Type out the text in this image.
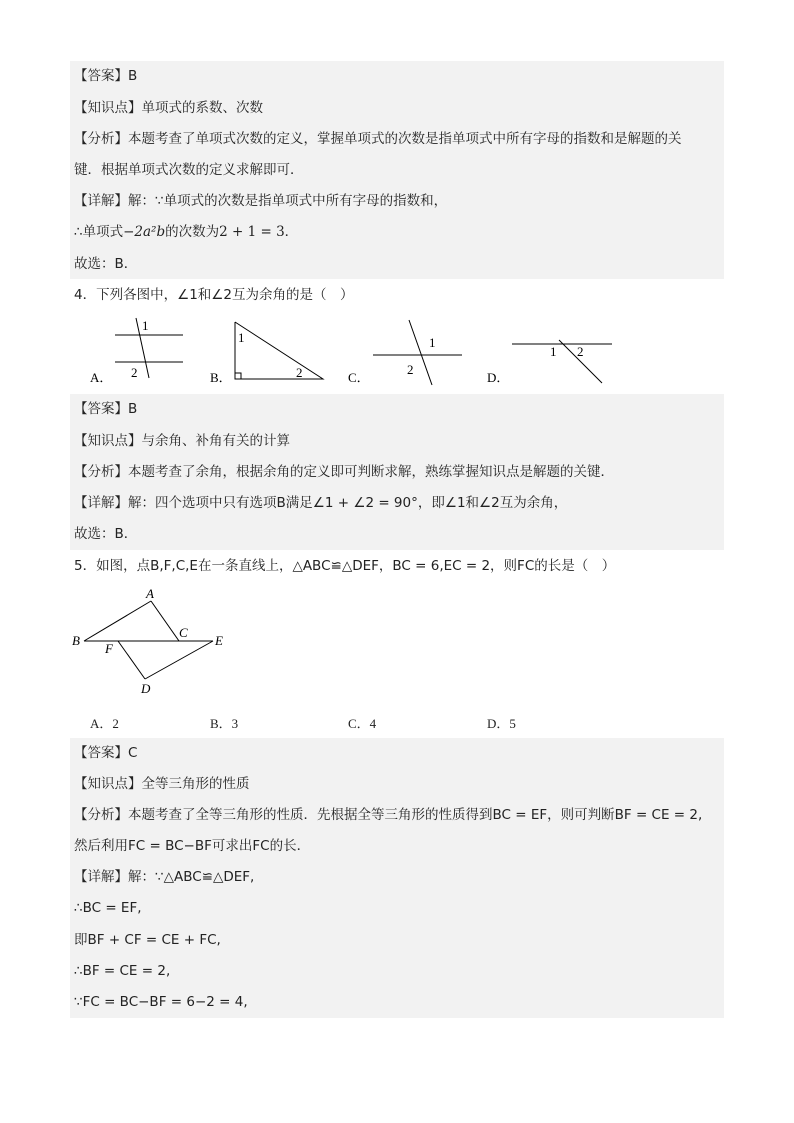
【答案】B
【知识点】单项式的系数、次数
【分析】本题考查了单项式次数的定义，掌握单项式的次数是指单项式中所有字母的指数和是解题的关
键．根据单项式次数的定义求解即可．
【详解】解：∵单项式的次数是指单项式中所有字母的指数和，
∴单项式−2a²b的次数为2 + 1 = 3．
故选：B．
4．下列各图中，∠1和∠2互为余角的是（　）
1
2
A．
1
2
B．
1
2
C．
1 2
D．
【答案】B
【知识点】与余角、补角有关的计算
【分析】本题考查了余角，根据余角的定义即可判断求解，熟练掌握知识点是解题的关键．
【详解】解：四个选项中只有选项B满足∠1 + ∠2 = 90°，即∠1和∠2互为余角，
故选：B．
5．如图，点B,F,C,E在一条直线上，△ABC≌△DEF，BC = 6,EC = 2，则FC的长是（　）
A
B
C
D
E
F
A．2	B．3	C．4	D．5
【答案】C
【知识点】全等三角形的性质
【分析】本题考查了全等三角形的性质．先根据全等三角形的性质得到BC = EF，则可判断BF = CE = 2,
然后利用FC = BC−BF可求出FC的长．
【详解】解：∵△ABC≌△DEF,
∴BC = EF,
即BF + CF = CE + FC,
∴BF = CE = 2,
∵FC = BC−BF = 6−2 = 4,
